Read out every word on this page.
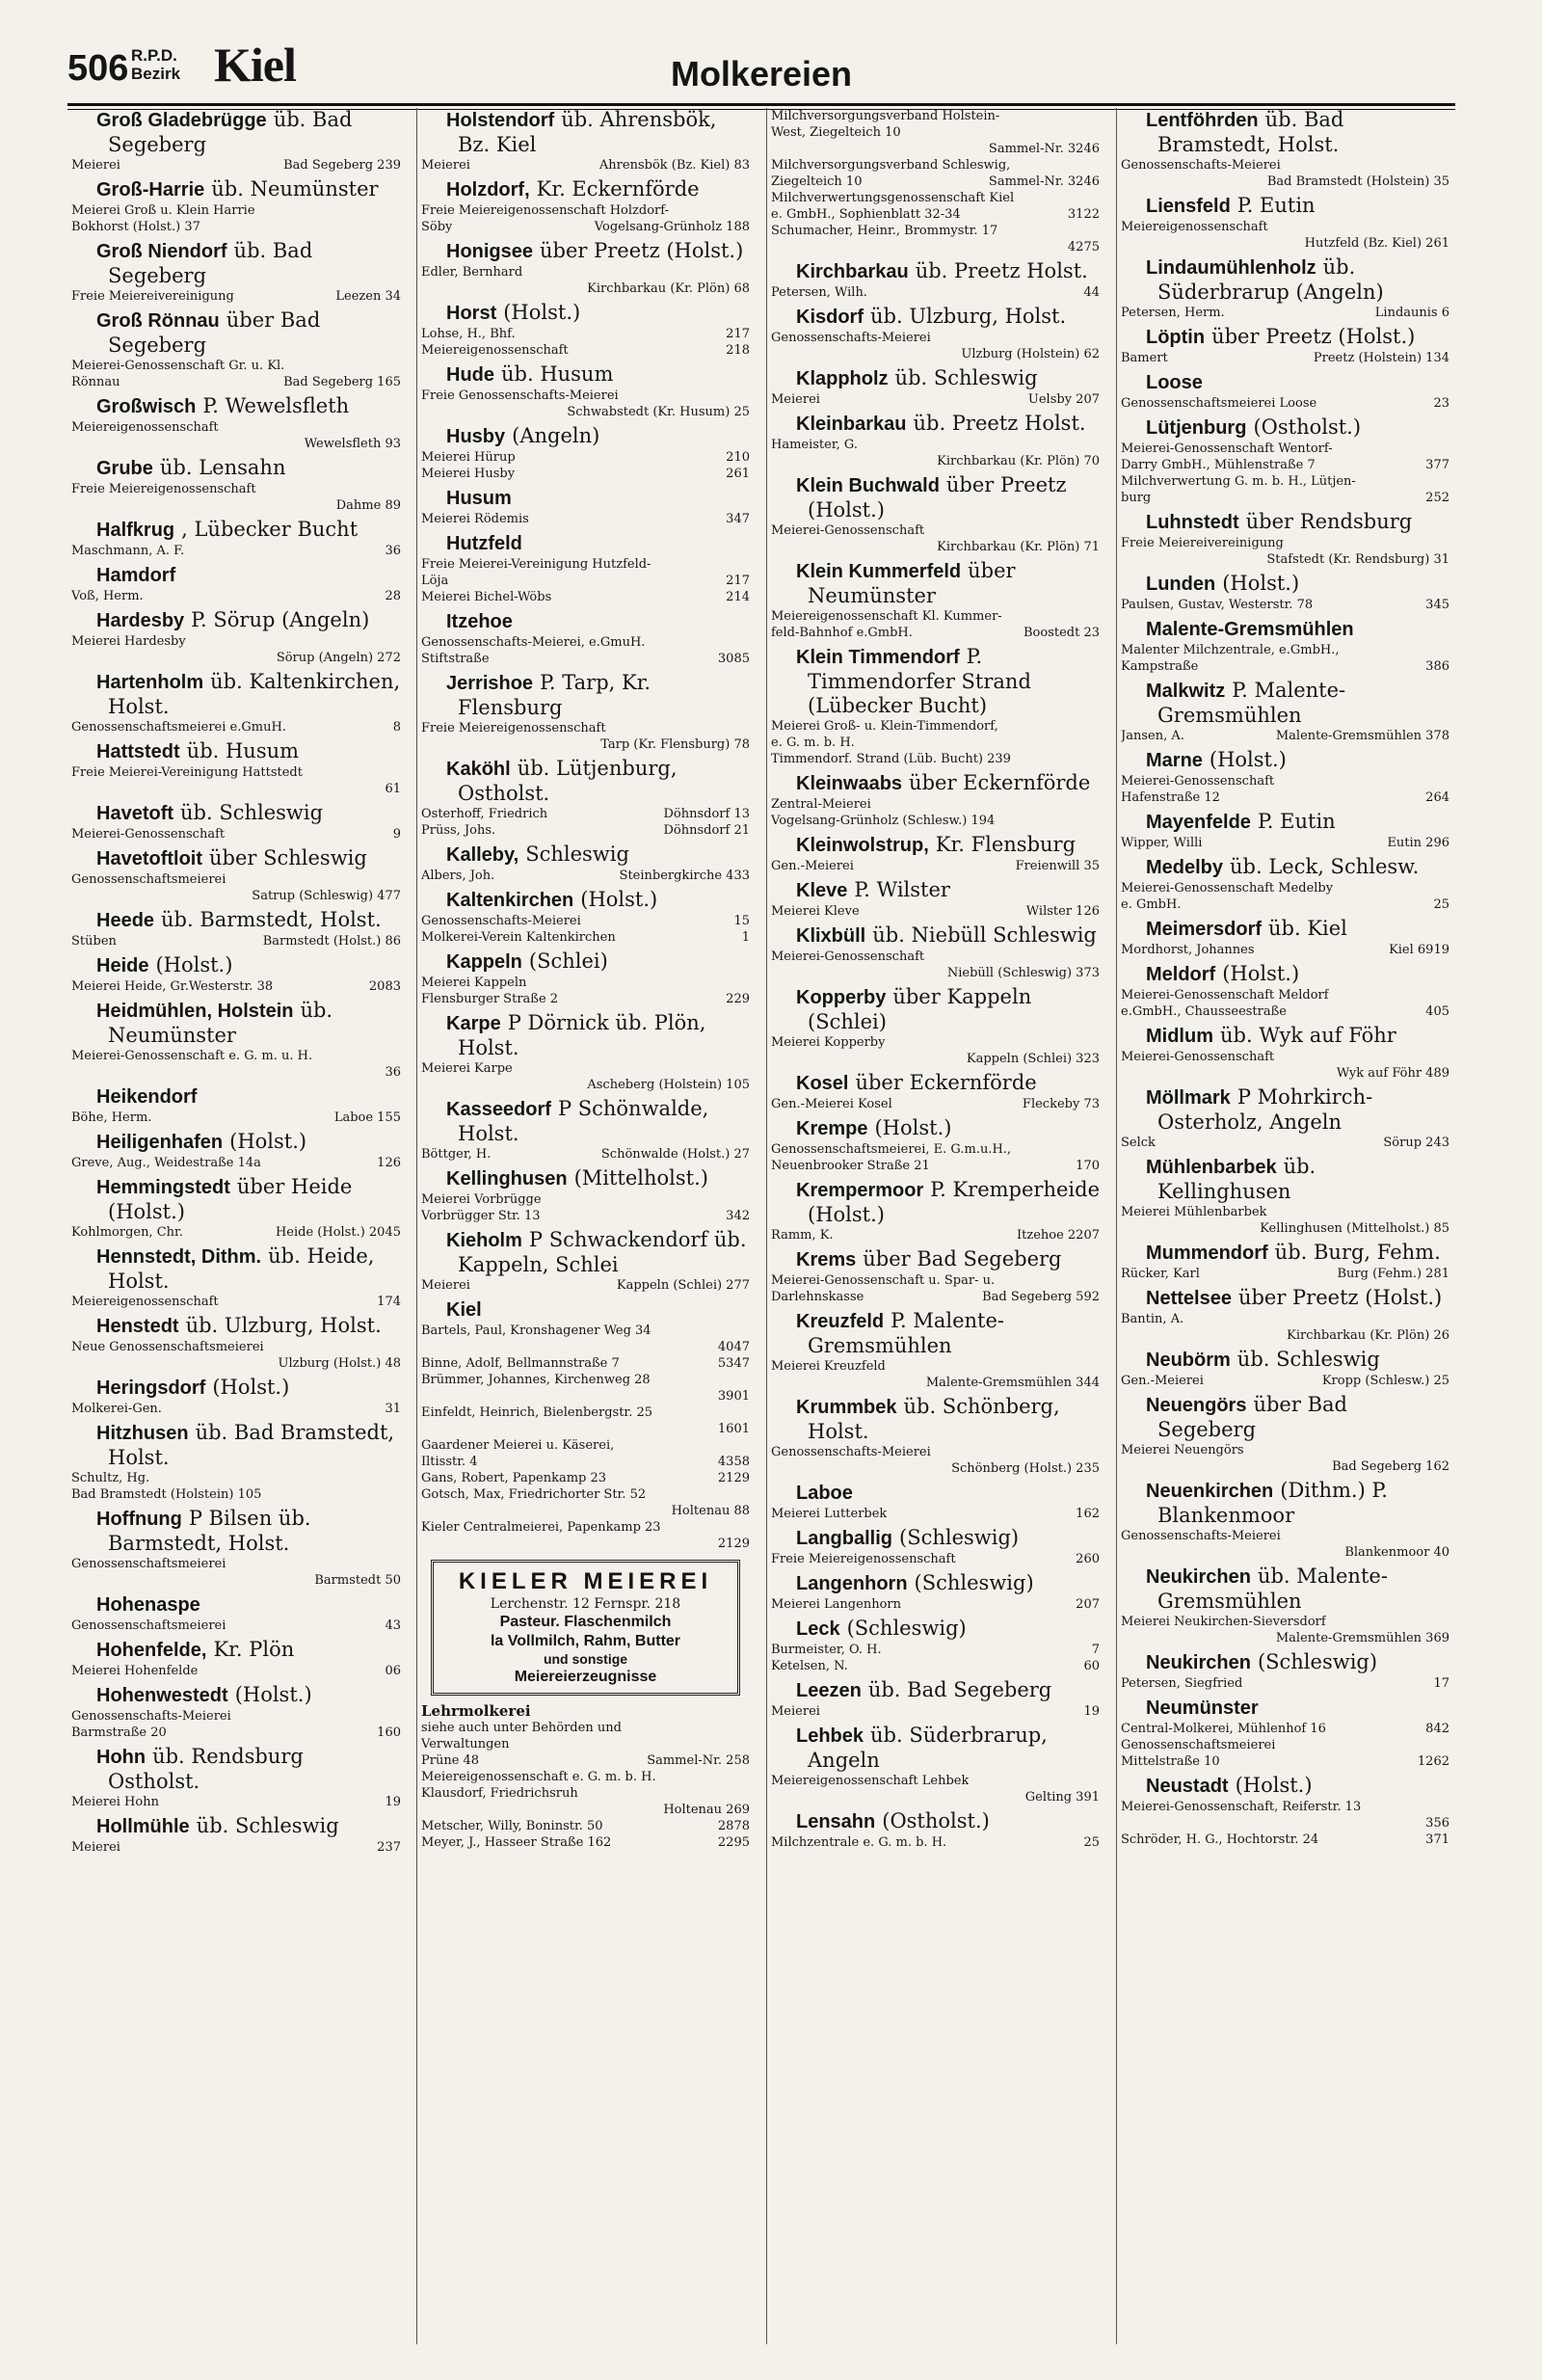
506 R.P.D.
Bezirk Kiel	Molkereien
Groß Gladebrügge üb. Bad Segeberg
Meierei	Bad Segeberg 239
Groß-Harrie üb. Neumünster
Meierei Groß u. Klein Harrie
Bokhorst (Holst.) 37
Groß Niendorf üb. Bad Segeberg
Freie Meiereivereinigung	Leezen 34
Groß Rönnau über Bad Segeberg
Meierei-Genossenschaft Gr. u. Kl.
Rönnau	Bad Segeberg 165
Großwisch P. Wewelsfleth
Meiereigenossenschaft
Wewelsfleth 93
Grube üb. Lensahn
Freie Meiereigenossenschaft
Dahme 89
Halfkrug , Lübecker Bucht
Maschmann, A. F.	36
Hamdorf
Voß, Herm.	28
Hardesby P. Sörup (Angeln)
Meierei Hardesby
Sörup (Angeln) 272
Hartenholm üb. Kaltenkirchen, Holst.
Genossenschaftsmeierei e.GmuH.	8
Hattstedt üb. Husum
Freie Meierei-Vereinigung Hattstedt
61
Havetoft üb. Schleswig
Meierei-Genossenschaft	9
Havetoftloit über Schleswig
Genossenschaftsmeierei
Satrup (Schleswig) 477
Heede üb. Barmstedt, Holst.
Stüben	Barmstedt (Holst.) 86
Heide (Holst.)
Meierei Heide, Gr.Westerstr. 38	2083
Heidmühlen, Holstein üb. Neumünster
Meierei-Genossenschaft e. G. m. u. H.
36
Heikendorf
Böhe, Herm.	Laboe 155
Heiligenhafen (Holst.)
Greve, Aug., Weidestraße 14a	126
Hemmingstedt über Heide (Holst.)
Kohlmorgen, Chr.	Heide (Holst.) 2045
Hennstedt, Dithm. üb. Heide, Holst.
Meiereigenossenschaft	174
Henstedt üb. Ulzburg, Holst.
Neue Genossenschaftsmeierei
Ulzburg (Holst.) 48
Heringsdorf (Holst.)
Molkerei-Gen.	31
Hitzhusen üb. Bad Bramstedt, Holst.
Schultz, Hg.
Bad Bramstedt (Holstein) 105
Hoffnung P Bilsen üb. Barmstedt, Holst.
Genossenschaftsmeierei
Barmstedt 50
Hohenaspe
Genossenschaftsmeierei	43
Hohenfelde, Kr. Plön
Meierei Hohenfelde	06
Hohenwestedt (Holst.)
Genossenschafts-Meierei
Barmstraße 20	160
Hohn üb. Rendsburg Ostholst.
Meierei Hohn	19
Hollmühle üb. Schleswig
Meierei	237
Holstendorf üb. Ahrensbök, Bz. Kiel
Meierei	Ahrensbök (Bz. Kiel) 83
Holzdorf, Kr. Eckernförde
Freie Meiereigenossenschaft Holzdorf-
Söby	Vogelsang-Grünholz 188
Honigsee über Preetz (Holst.)
Edler, Bernhard
Kirchbarkau (Kr. Plön) 68
Horst (Holst.)
Lohse, H., Bhf.	217
Meiereigenossenschaft	218
Hude üb. Husum
Freie Genossenschafts-Meierei
Schwabstedt (Kr. Husum) 25
Husby (Angeln)
Meierei Hürup	210
Meierei Husby	261
Husum
Meierei Rödemis	347
Hutzfeld
Freie Meierei-Vereinigung Hutzfeld-
Löja	217
Meierei Bichel-Wöbs	214
Itzehoe
Genossenschafts-Meierei, e.GmuH.
Stiftstraße	3085
Jerrishoe P. Tarp, Kr. Flensburg
Freie Meiereigenossenschaft
Tarp (Kr. Flensburg) 78
Kaköhl üb. Lütjenburg, Ostholst.
Osterhoff, Friedrich	Döhnsdorf 13
Prüss, Johs.	Döhnsdorf 21
Kalleby, Schleswig
Albers, Joh.	Steinbergkirche 433
Kaltenkirchen (Holst.)
Genossenschafts-Meierei	15
Molkerei-Verein Kaltenkirchen	1
Kappeln (Schlei)
Meierei Kappeln
Flensburger Straße 2	229
Karpe P Dörnick üb. Plön, Holst.
Meierei Karpe
Ascheberg (Holstein) 105
Kasseedorf P Schönwalde, Holst.
Böttger, H.	Schönwalde (Holst.) 27
Kellinghusen (Mittelholst.)
Meierei Vorbrügge
Vorbrügger Str. 13	342
Kieholm P Schwackendorf üb. Kappeln, Schlei
Meierei	Kappeln (Schlei) 277
Kiel
Bartels, Paul, Kronshagener Weg 34
4047
Binne, Adolf, Bellmannstraße 7	5347
Brümmer, Johannes, Kirchenweg 28
3901
Einfeldt, Heinrich, Bielenbergstr. 25
1601
Gaardener Meierei u. Käserei,
Iltisstr. 4	4358
Gans, Robert, Papenkamp 23	2129
Gotsch, Max, Friedrichorter Str. 52
Holtenau 88
Kieler Centralmeierei, Papenkamp 23
2129
KIELER MEIEREI
Lerchenstr. 12 Fernspr. 218
Pasteur. Flaschenmilch
la Vollmilch, Rahm, Butter
und sonstige
Meiereierzeugnisse
Lehrmolkerei
siehe auch unter Behörden und
Verwaltungen
Prüne 48	Sammel-Nr. 258
Meiereigenossenschaft e. G. m. b. H.
Klausdorf, Friedrichsruh
Holtenau 269
Metscher, Willy, Boninstr. 50	2878
Meyer, J., Hasseer Straße 162	2295
Milchversorgungsverband Holstein-
West, Ziegelteich 10
Sammel-Nr. 3246
Milchversorgungsverband Schleswig,
Ziegelteich 10	Sammel-Nr. 3246
Milchverwertungsgenossenschaft Kiel
e. GmbH., Sophienblatt 32-34	3122
Schumacher, Heinr., Brommystr. 17
4275
Kirchbarkau üb. Preetz Holst.
Petersen, Wilh.	44
Kisdorf üb. Ulzburg, Holst.
Genossenschafts-Meierei
Ulzburg (Holstein) 62
Klappholz üb. Schleswig
Meierei	Uelsby 207
Kleinbarkau üb. Preetz Holst.
Hameister, G.
Kirchbarkau (Kr. Plön) 70
Klein Buchwald über Preetz (Holst.)
Meierei-Genossenschaft
Kirchbarkau (Kr. Plön) 71
Klein Kummerfeld über Neumünster
Meiereigenossenschaft Kl. Kummer-
feld-Bahnhof e.GmbH.	Boostedt 23
Klein Timmendorf P. Timmendorfer Strand (Lübecker Bucht)
Meierei Groß- u. Klein-Timmendorf,
e. G. m. b. H.
Timmendorf. Strand (Lüb. Bucht) 239
Kleinwaabs über Eckernförde
Zentral-Meierei
Vogelsang-Grünholz (Schlesw.) 194
Kleinwolstrup, Kr. Flensburg
Gen.-Meierei	Freienwill 35
Kleve P. Wilster
Meierei Kleve	Wilster 126
Klixbüll üb. Niebüll Schleswig
Meierei-Genossenschaft
Niebüll (Schleswig) 373
Kopperby über Kappeln (Schlei)
Meierei Kopperby
Kappeln (Schlei) 323
Kosel über Eckernförde
Gen.-Meierei Kosel	Fleckeby 73
Krempe (Holst.)
Genossenschaftsmeierei, E. G.m.u.H.,
Neuenbrooker Straße 21	170
Krempermoor P. Kremperheide (Holst.)
Ramm, K.	Itzehoe 2207
Krems über Bad Segeberg
Meierei-Genossenschaft u. Spar- u.
Darlehnskasse	Bad Segeberg 592
Kreuzfeld P. Malente-Gremsmühlen
Meierei Kreuzfeld
Malente-Gremsmühlen 344
Krummbek üb. Schönberg, Holst.
Genossenschafts-Meierei
Schönberg (Holst.) 235
Laboe
Meierei Lutterbek	162
Langballig (Schleswig)
Freie Meiereigenossenschaft	260
Langenhorn (Schleswig)
Meierei Langenhorn	207
Leck (Schleswig)
Burmeister, O. H.	7
Ketelsen, N.	60
Leezen üb. Bad Segeberg
Meierei	19
Lehbek üb. Süderbrarup, Angeln
Meiereigenossenschaft Lehbek
Gelting 391
Lensahn (Ostholst.)
Milchzentrale e. G. m. b. H.	25
Lentföhrden üb. Bad Bramstedt, Holst.
Genossenschafts-Meierei
Bad Bramstedt (Holstein) 35
Liensfeld P. Eutin
Meiereigenossenschaft
Hutzfeld (Bz. Kiel) 261
Lindaumühlenholz üb. Süderbrarup (Angeln)
Petersen, Herm.	Lindaunis 6
Löptin über Preetz (Holst.)
Bamert	Preetz (Holstein) 134
Loose
Genossenschaftsmeierei Loose	23
Lütjenburg (Ostholst.)
Meierei-Genossenschaft Wentorf-
Darry GmbH., Mühlenstraße 7	377
Milchverwertung G. m. b. H., Lütjen-
burg	252
Luhnstedt über Rendsburg
Freie Meiereivereinigung
Stafstedt (Kr. Rendsburg) 31
Lunden (Holst.)
Paulsen, Gustav, Westerstr. 78	345
Malente-Gremsmühlen
Malenter Milchzentrale, e.GmbH.,
Kampstraße	386
Malkwitz P. Malente-Gremsmühlen
Jansen, A.	Malente-Gremsmühlen 378
Marne (Holst.)
Meierei-Genossenschaft
Hafenstraße 12	264
Mayenfelde P. Eutin
Wipper, Willi	Eutin 296
Medelby üb. Leck, Schlesw.
Meierei-Genossenschaft Medelby
e. GmbH.	25
Meimersdorf üb. Kiel
Mordhorst, Johannes	Kiel 6919
Meldorf (Holst.)
Meierei-Genossenschaft Meldorf
e.GmbH., Chausseestraße	405
Midlum üb. Wyk auf Föhr
Meierei-Genossenschaft
Wyk auf Föhr 489
Möllmark P Mohrkirch-Osterholz, Angeln
Selck	Sörup 243
Mühlenbarbek üb. Kellinghusen
Meierei Mühlenbarbek
Kellinghusen (Mittelholst.) 85
Mummendorf üb. Burg, Fehm.
Rücker, Karl	Burg (Fehm.) 281
Nettelsee über Preetz (Holst.)
Bantin, A.
Kirchbarkau (Kr. Plön) 26
Neubörm üb. Schleswig
Gen.-Meierei	Kropp (Schlesw.) 25
Neuengörs über Bad Segeberg
Meierei Neuengörs
Bad Segeberg 162
Neuenkirchen (Dithm.) P. Blankenmoor
Genossenschafts-Meierei
Blankenmoor 40
Neukirchen üb. Malente-Gremsmühlen
Meierei Neukirchen-Sieversdorf
Malente-Gremsmühlen 369
Neukirchen (Schleswig)
Petersen, Siegfried	17
Neumünster
Central-Molkerei, Mühlenhof 16	842
Genossenschaftsmeierei
Mittelstraße 10	1262
Neustadt (Holst.)
Meierei-Genossenschaft, Reiferstr. 13
356
Schröder, H. G., Hochtorstr. 24	371
